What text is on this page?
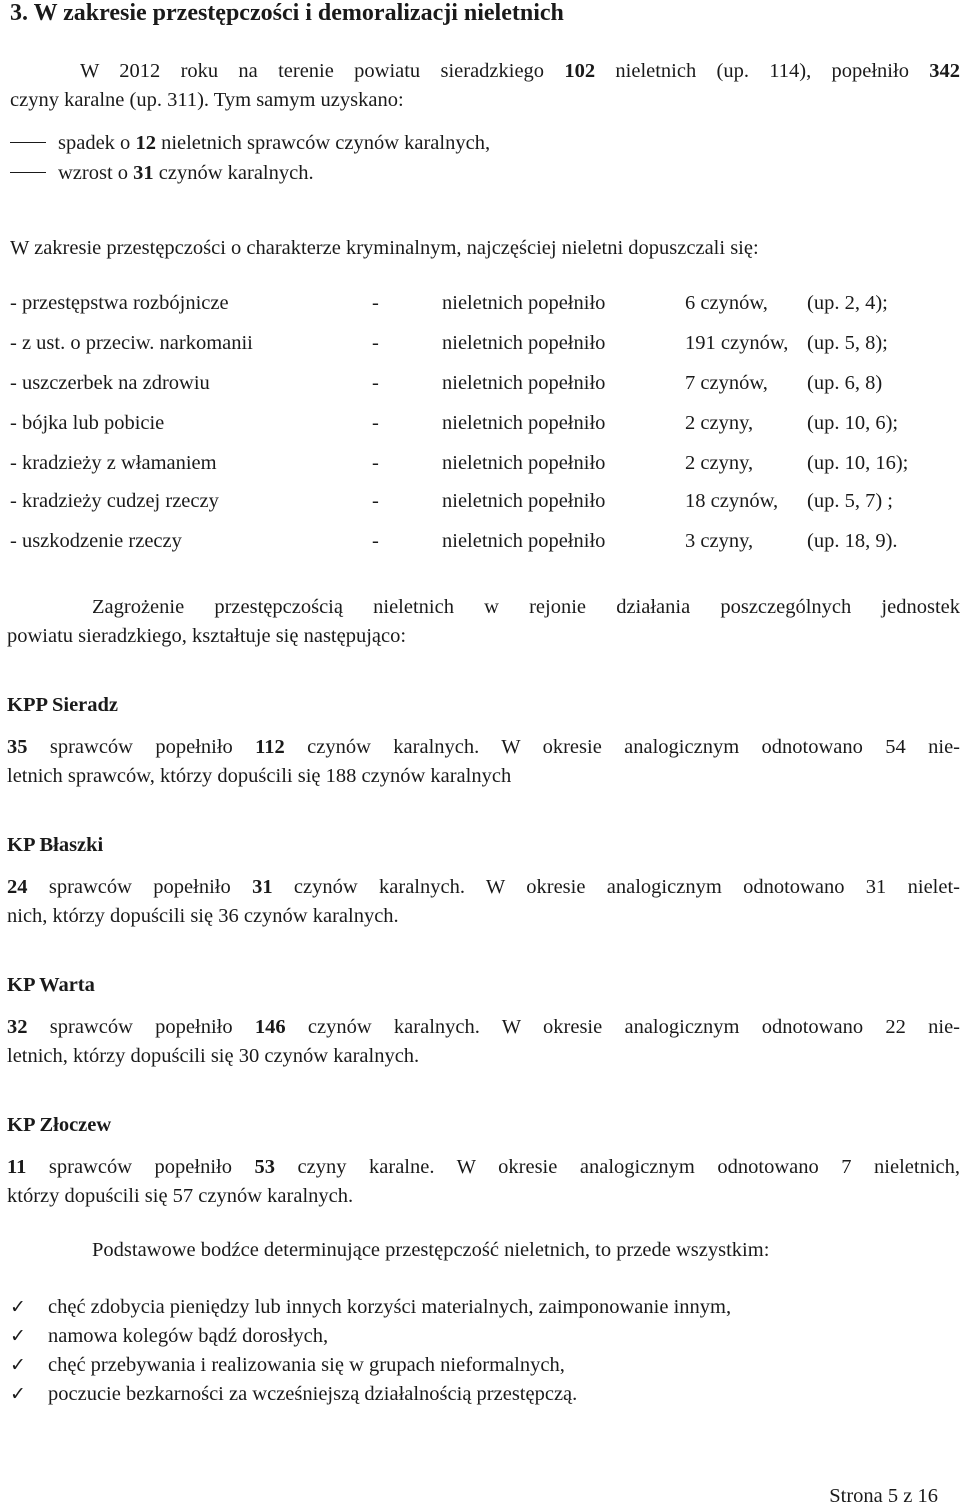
3. W zakresie przestępczości i demoralizacji nieletnich
W 2012 roku na terenie powiatu sieradzkiego 102 nieletnich (up. 114), popełniło 342
czyny karalne (up. 311). Tym samym uzyskano:
spadek o 12 nieletnich sprawców czynów karalnych,
wzrost o 31 czynów karalnych.
W zakresie przestępczości o charakterze kryminalnym, najczęściej nieletni dopuszczali się:
- przestępstwa rozbójnicze	-	nieletnich popełniło	6 czynów, (up. 2, 4);
- z ust. o przeciw. narkomanii	-	nieletnich popełniło	191 czynów, (up. 5, 8);
- uszczerbek na zdrowiu	-	nieletnich popełniło	7 czynów, (up. 6, 8)
- bójka lub pobicie	-	nieletnich popełniło	2 czyny,	(up. 10, 6);
- kradzieży z włamaniem	-	nieletnich popełniło	2 czyny,	(up. 10, 16);
- kradzieży cudzej rzeczy	-	nieletnich popełniło	18 czynów, (up. 5, 7) ;
- uszkodzenie rzeczy	-	nieletnich popełniło	3 czyny,	(up. 18, 9).
Zagrożenie przestępczością nieletnich w rejonie działania poszczególnych jednostek
powiatu sieradzkiego, kształtuje się następująco:
KPP Sieradz
35 sprawców popełniło 112 czynów karalnych. W okresie analogicznym odnotowano 54 nie-
letnich sprawców, którzy dopuścili się 188 czynów karalnych
KP Błaszki
24 sprawców popełniło 31 czynów karalnych. W okresie analogicznym odnotowano 31 nielet-
nich, którzy dopuścili się 36 czynów karalnych.
KP Warta
32 sprawców popełniło 146 czynów karalnych. W okresie analogicznym odnotowano 22 nie-
letnich, którzy dopuścili się 30 czynów karalnych.
KP Złoczew
11 sprawców popełniło 53 czyny karalne. W okresie analogicznym odnotowano 7 nieletnich,
którzy dopuścili się 57 czynów karalnych.
Podstawowe bodźce determinujące przestępczość nieletnich, to przede wszystkim:
✓ chęć zdobycia pieniędzy lub innych korzyści materialnych, zaimponowanie innym,
✓ namowa kolegów bądź dorosłych,
✓ chęć przebywania i realizowania się w grupach nieformalnych,
✓ poczucie bezkarności za wcześniejszą działalnością przestępczą.
Strona 5 z 16
